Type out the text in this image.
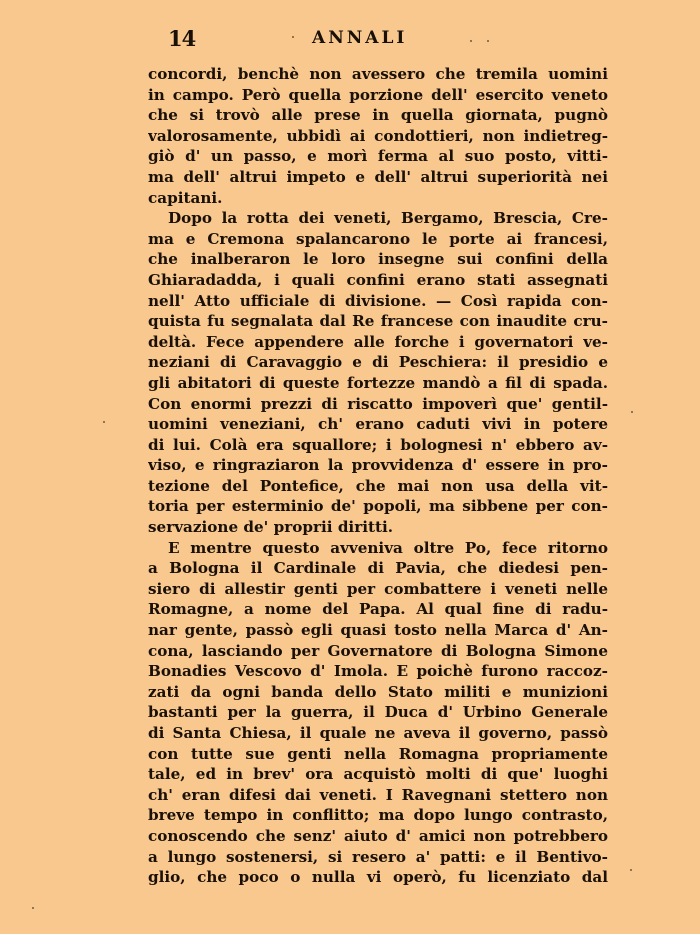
14	ANNALI
concordi, benchè non avessero che tremila uomini
in campo. Però quella porzione dell' esercito veneto
che si trovò alle prese in quella giornata, pugnò
valorosamente, ubbidì ai condottieri, non indietreg-
giò d' un passo, e morì ferma al suo posto, vitti-
ma dell' altrui impeto e dell' altrui superiorità nei
capitani.
Dopo la rotta dei veneti, Bergamo, Brescia, Cre-
ma e Cremona spalancarono le porte ai francesi,
che inalberaron le loro insegne sui confini della
Ghiaradadda, i quali confini erano stati assegnati
nell' Atto ufficiale di divisione. — Così rapida con-
quista fu segnalata dal Re francese con inaudite cru-
deltà. Fece appendere alle forche i governatori ve-
neziani di Caravaggio e di Peschiera: il presidio e
gli abitatori di queste fortezze mandò a fil di spada.
Con enormi prezzi di riscatto impoverì que' gentil-
uomini veneziani, ch' erano caduti vivi in potere
di lui. Colà era squallore; i bolognesi n' ebbero av-
viso, e ringraziaron la provvidenza d' essere in pro-
tezione del Pontefice, che mai non usa della vit-
toria per esterminio de' popoli, ma sibbene per con-
servazione de' proprii diritti.
E mentre questo avveniva oltre Po, fece ritorno
a Bologna il Cardinale di Pavia, che diedesi pen-
siero di allestir genti per combattere i veneti nelle
Romagne, a nome del Papa. Al qual fine di radu-
nar gente, passò egli quasi tosto nella Marca d' An-
cona, lasciando per Governatore di Bologna Simone
Bonadies Vescovo d' Imola. E poichè furono raccoz-
zati da ogni banda dello Stato militi e munizioni
bastanti per la guerra, il Duca d' Urbino Generale
di Santa Chiesa, il quale ne aveva il governo, passò
con tutte sue genti nella Romagna propriamente
tale, ed in brev' ora acquistò molti di que' luoghi
ch' eran difesi dai veneti. I Ravegnani stettero non
breve tempo in conflitto; ma dopo lungo contrasto,
conoscendo che senz' aiuto d' amici non potrebbero
a lungo sostenersi, si resero a' patti: e il Bentivo-
glio, che poco o nulla vi operò, fu licenziato dal
